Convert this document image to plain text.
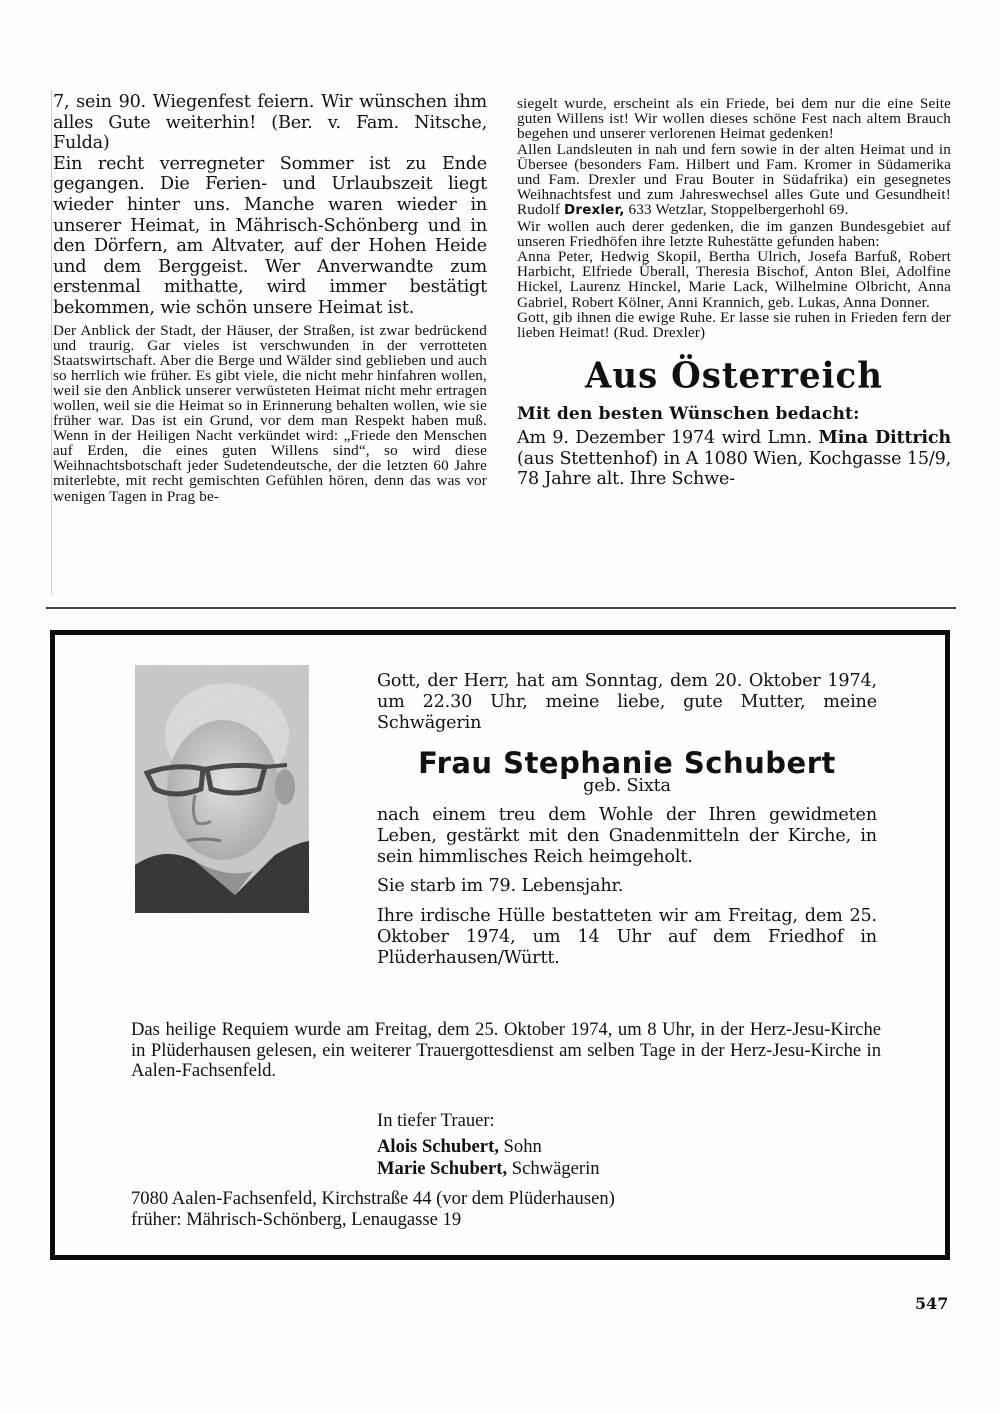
7, sein 90. Wiegenfest feiern. Wir wünschen ihm alles Gute weiterhin! (Ber. v. Fam. Nitsche, Fulda)

Ein recht verregneter Sommer ist zu Ende gegangen. Die Ferien- und Urlaubszeit liegt wieder hinter uns. Manche waren wieder in unserer Heimat, in Mährisch-Schönberg und in den Dörfern, am Altvater, auf der Hohen Heide und dem Berggeist. Wer Anverwandte zum erstenmal mithatte, wird immer bestätigt bekommen, wie schön unsere Heimat ist.

Der Anblick der Stadt, der Häuser, der Straßen, ist zwar bedrückend und traurig. Gar vieles ist verschwunden in der verrotteten Staatswirtschaft. Aber die Berge und Wälder sind geblieben und auch so herrlich wie früher. Es gibt viele, die nicht mehr hinfahren wollen, weil sie den Anblick unserer verwüsteten Heimat nicht mehr ertragen wollen, weil sie die Heimat so in Erinnerung behalten wollen, wie sie früher war. Das ist ein Grund, vor dem man Respekt haben muß. Wenn in der Heiligen Nacht verkündet wird: „Friede den Menschen auf Erden, die eines guten Willens sind“, so wird diese Weihnachtsbotschaft jeder Sudetendeutsche, der die letzten 60 Jahre miterlebte, mit recht gemischten Gefühlen hören, denn das was vor wenigen Tagen in Prag be-

siegelt wurde, erscheint als ein Friede, bei dem nur die eine Seite guten Willens ist! Wir wollen dieses schöne Fest nach altem Brauch begehen und unserer verlorenen Heimat gedenken!

Allen Landsleuten in nah und fern sowie in der alten Heimat und in Übersee (besonders Fam. Hilbert und Fam. Kromer in Südamerika und Fam. Drexler und Frau Bouter in Südafrika) ein gesegnetes Weihnachtsfest und zum Jahreswechsel alles Gute und Gesundheit! Rudolf Drexler, 633 Wetzlar, Stoppelbergerhohl 69.

Wir wollen auch derer gedenken, die im ganzen Bundesgebiet auf unseren Friedhöfen ihre letzte Ruhestätte gefunden haben:

Anna Peter, Hedwig Skopil, Bertha Ulrich, Josefa Barfuß, Robert Harbicht, Elfriede Überall, Theresia Bischof, Anton Blei, Adolfine Hickel, Laurenz Hinckel, Marie Lack, Wilhelmine Olbricht, Anna Gabriel, Robert Kölner, Anni Krannich, geb. Lukas, Anna Donner.

Gott, gib ihnen die ewige Ruhe. Er lasse sie ruhen in Frieden fern der lieben Heimat! (Rud. Drexler)

Aus Österreich
Mit den besten Wünschen bedacht:

Am 9. Dezember 1974 wird Lmn. Mina Dittrich (aus Stettenhof) in A 1080 Wien, Kochgasse 15/9, 78 Jahre alt. Ihre Schwe-

Gott, der Herr, hat am Sonntag, dem 20. Oktober 1974, um 22.30 Uhr, meine liebe, gute Mutter, meine Schwägerin

Frau Stephanie Schubert

geb. Sixta

nach einem treu dem Wohle der Ihren gewidmeten Leben, gestärkt mit den Gnadenmitteln der Kirche, in sein himmlisches Reich heimgeholt.

Sie starb im 79. Lebensjahr.

Ihre irdische Hülle bestatteten wir am Freitag, dem 25. Oktober 1974, um 14 Uhr auf dem Friedhof in Plüderhausen/Württ.

Das heilige Requiem wurde am Freitag, dem 25. Oktober 1974, um 8 Uhr, in der Herz-Jesu-Kirche in Plüderhausen gelesen, ein weiterer Trauergottesdienst am selben Tage in der Herz-Jesu-Kirche in Aalen-Fachsenfeld.

In tiefer Trauer:

Alois Schubert, Sohn

Marie Schubert, Schwägerin

7080 Aalen-Fachsenfeld, Kirchstraße 44 (vor dem Plüderhausen)

früher: Mährisch-Schönberg, Lenaugasse 19

547
